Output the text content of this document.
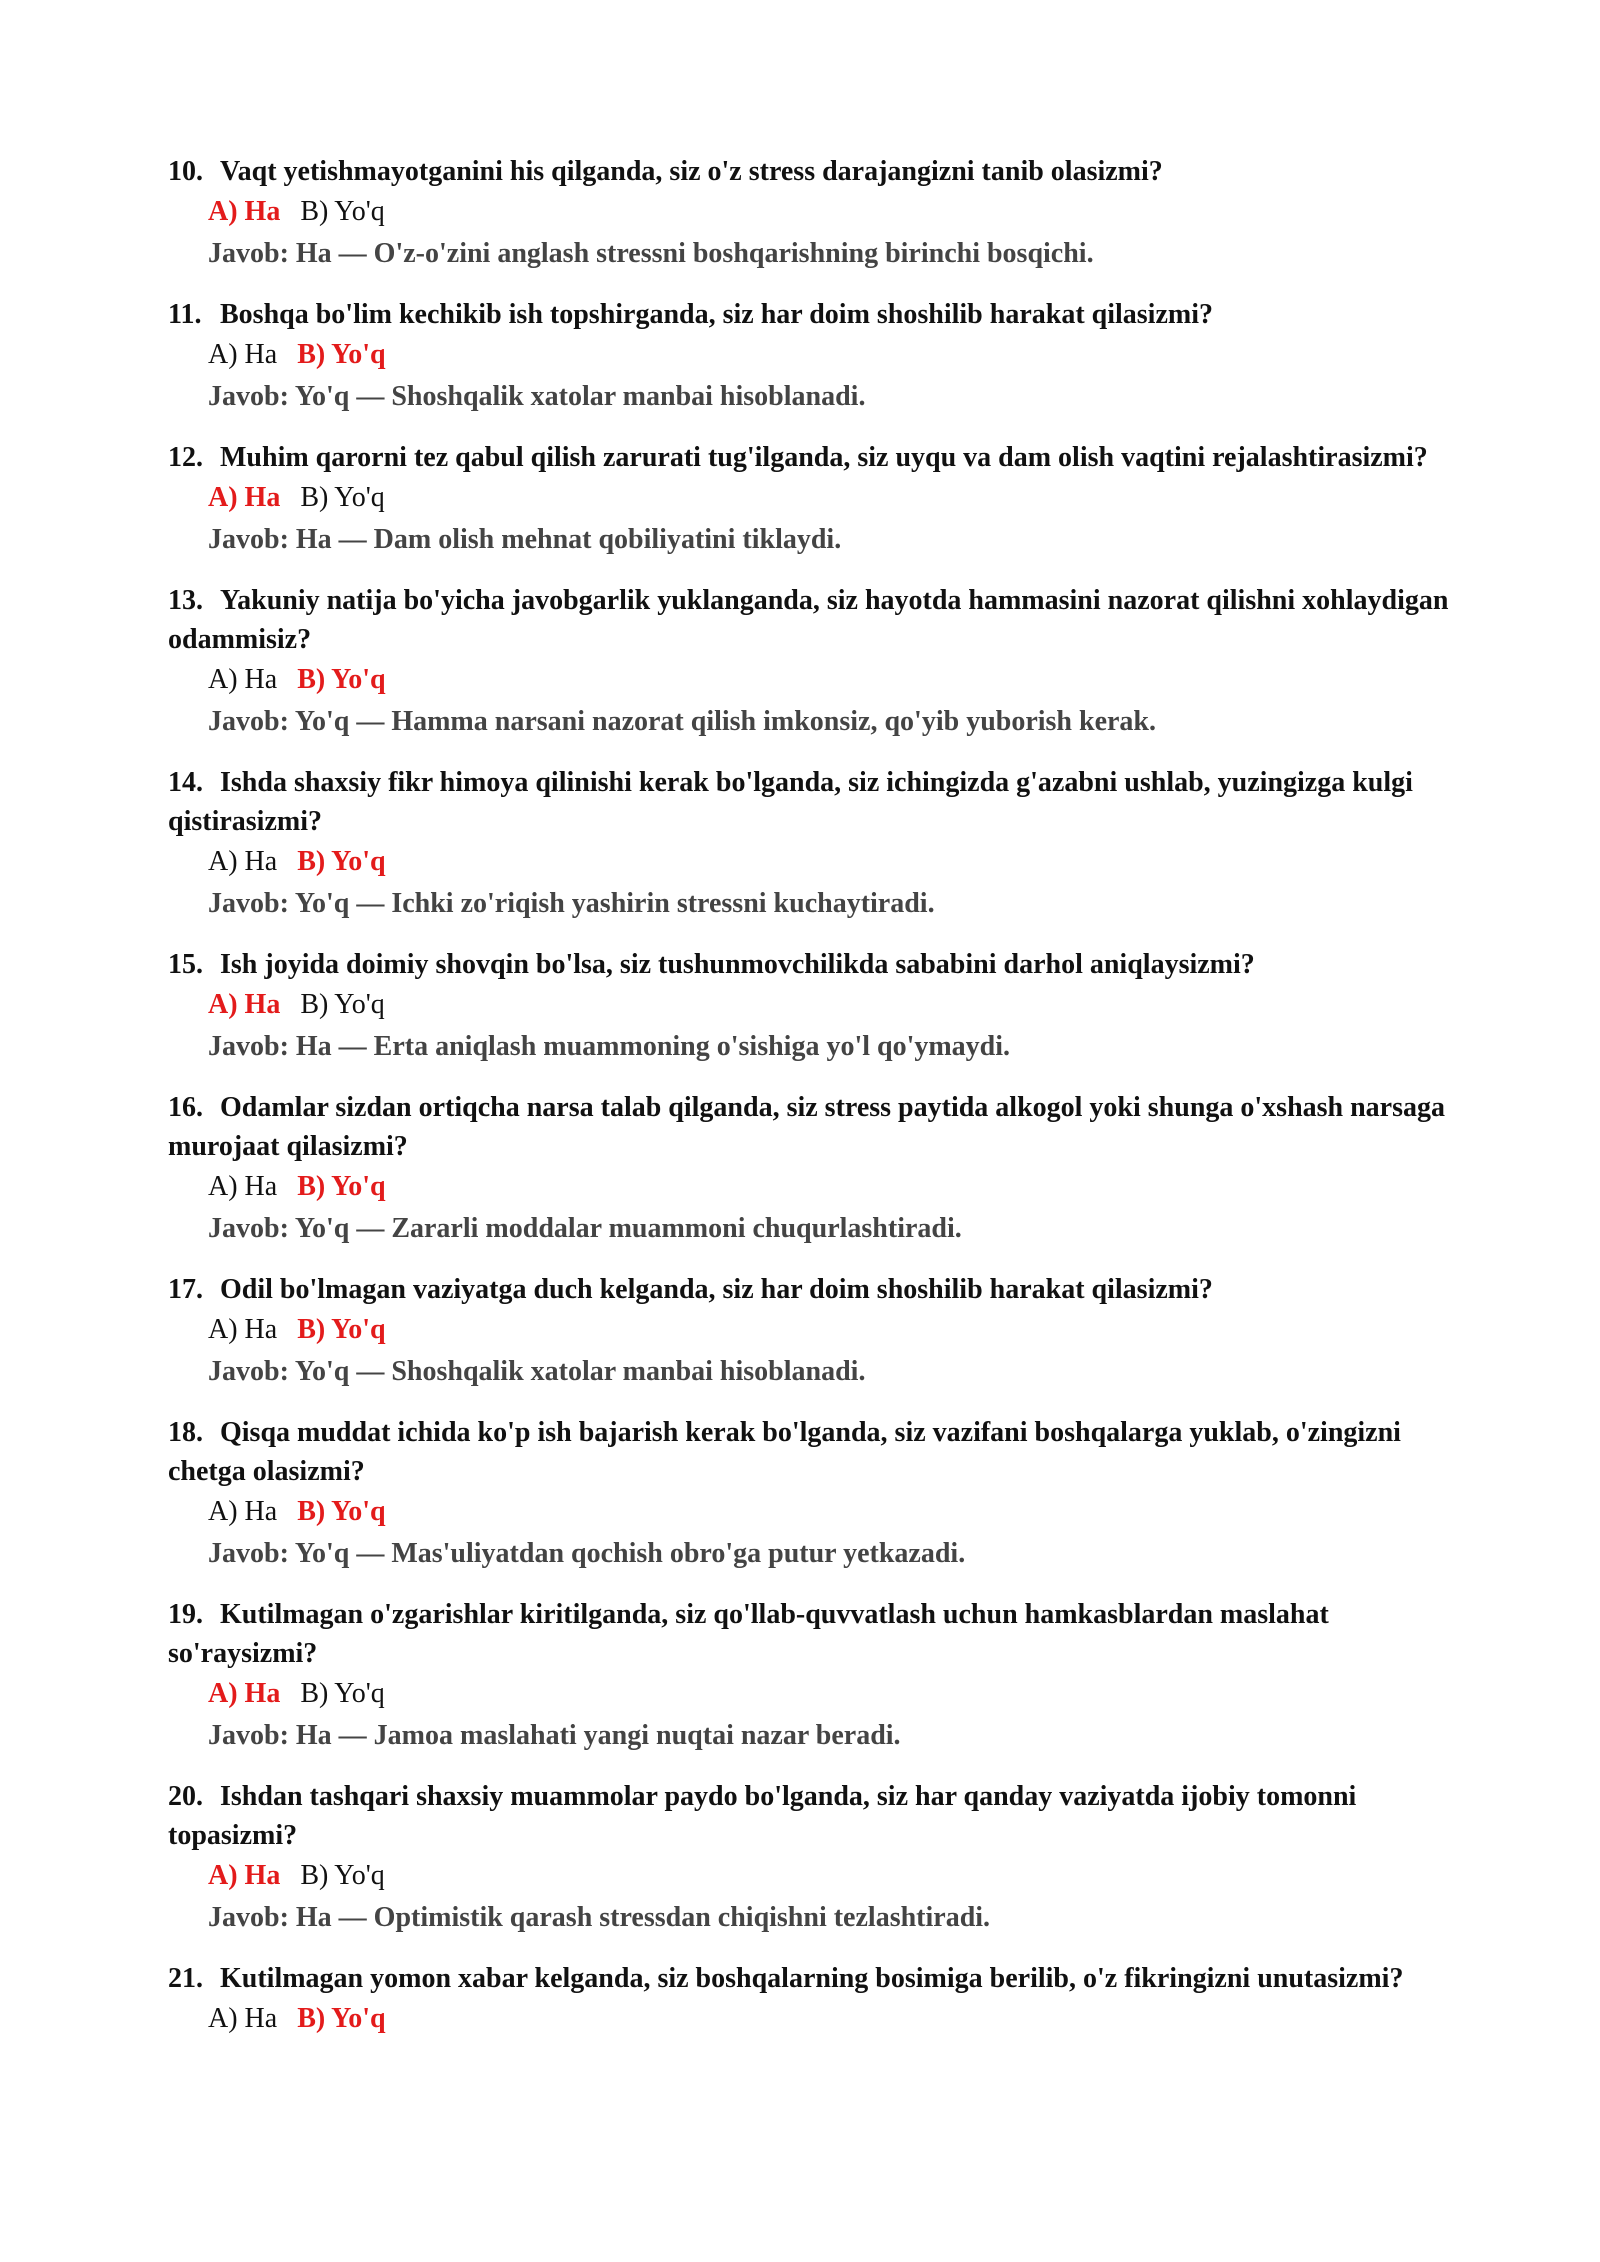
10. Vaqt yetishmayotganini his qilganda, siz o'z stress darajangizni tanib olasizmi?
A) Ha B) Yo'q
Javob: Ha — O'z-o'zini anglash stressni boshqarishning birinchi bosqichi.
11. Boshqa bo'lim kechikib ish topshirganda, siz har doim shoshilib harakat qilasizmi?
A) Ha B) Yo'q
Javob: Yo'q — Shoshqalik xatolar manbai hisoblanadi.
12. Muhim qarorni tez qabul qilish zarurati tug'ilganda, siz uyqu va dam olish vaqtini rejalashtirasizmi?
A) Ha B) Yo'q
Javob: Ha — Dam olish mehnat qobiliyatini tiklaydi.
13. Yakuniy natija bo'yicha javobgarlik yuklanganda, siz hayotda hammasini nazorat qilishni xohlaydigan odammisiz?
A) Ha B) Yo'q
Javob: Yo'q — Hamma narsani nazorat qilish imkonsiz, qo'yib yuborish kerak.
14. Ishda shaxsiy fikr himoya qilinishi kerak bo'lganda, siz ichingizda g'azabni ushlab, yuzingizga kulgi qistirasizmi?
A) Ha B) Yo'q
Javob: Yo'q — Ichki zo'riqish yashirin stressni kuchaytiradi.
15. Ish joyida doimiy shovqin bo'lsa, siz tushunmovchilikda sababini darhol aniqlaysizmi?
A) Ha B) Yo'q
Javob: Ha — Erta aniqlash muammoning o'sishiga yo'l qo'ymaydi.
16. Odamlar sizdan ortiqcha narsa talab qilganda, siz stress paytida alkogol yoki shunga o'xshash narsaga murojaat qilasizmi?
A) Ha B) Yo'q
Javob: Yo'q — Zararli moddalar muammoni chuqurlashtiradi.
17. Odil bo'lmagan vaziyatga duch kelganda, siz har doim shoshilib harakat qilasizmi?
A) Ha B) Yo'q
Javob: Yo'q — Shoshqalik xatolar manbai hisoblanadi.
18. Qisqa muddat ichida ko'p ish bajarish kerak bo'lganda, siz vazifani boshqalarga yuklab, o'zingizni chetga olasizmi?
A) Ha B) Yo'q
Javob: Yo'q — Mas'uliyatdan qochish obro'ga putur yetkazadi.
19. Kutilmagan o'zgarishlar kiritilganda, siz qo'llab-quvvatlash uchun hamkasblardan maslahat so'raysizmi?
A) Ha B) Yo'q
Javob: Ha — Jamoa maslahati yangi nuqtai nazar beradi.
20. Ishdan tashqari shaxsiy muammolar paydo bo'lganda, siz har qanday vaziyatda ijobiy tomonni topasizmi?
A) Ha B) Yo'q
Javob: Ha — Optimistik qarash stressdan chiqishni tezlashtiradi.
21. Kutilmagan yomon xabar kelganda, siz boshqalarning bosimiga berilib, o'z fikringizni unutasizmi?
A) Ha B) Yo'q
